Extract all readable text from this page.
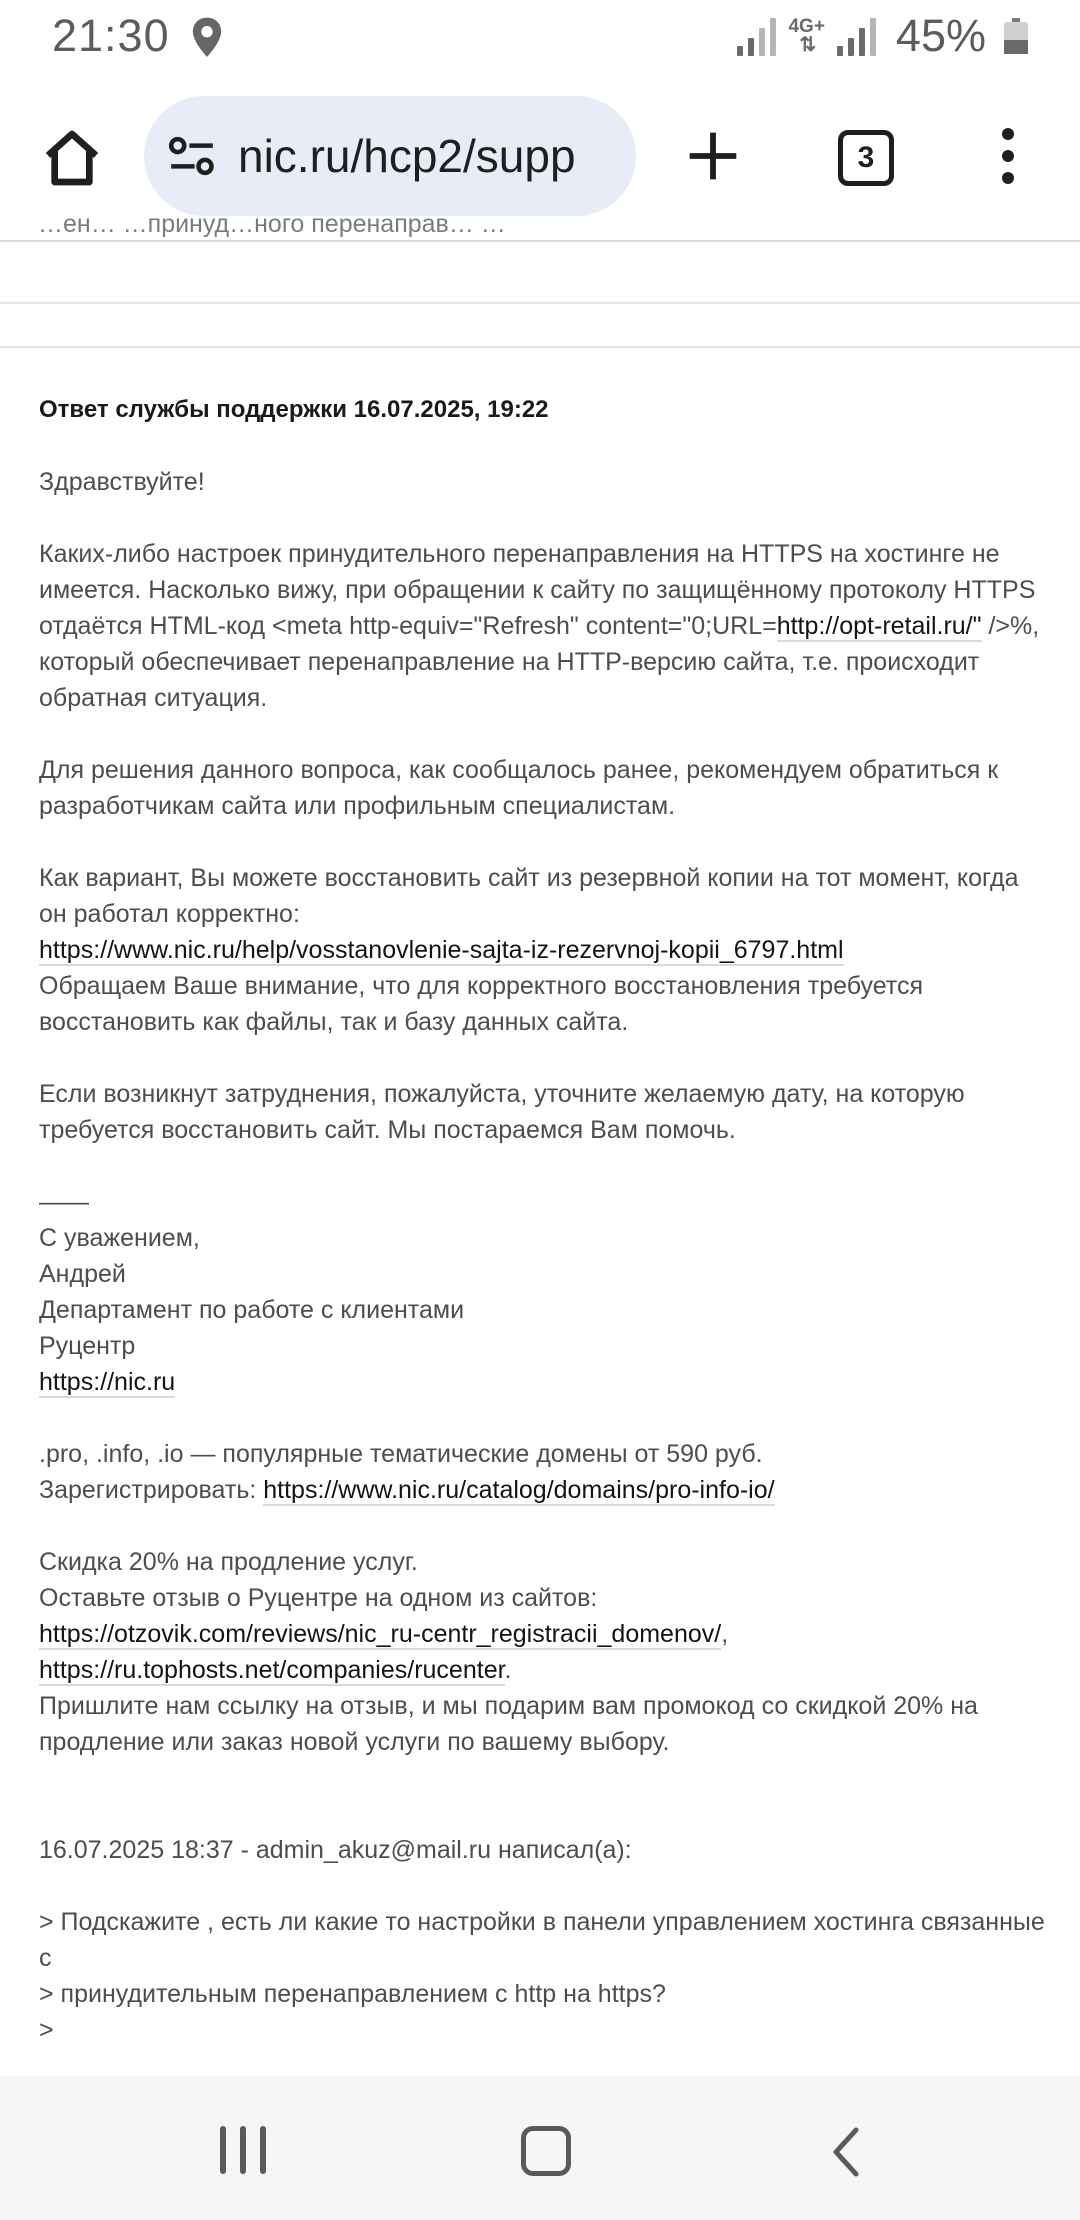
21:30	4G+
⇅ 45%
nic.ru/hcp2/supp	3
…ен… …принуд…ного перенаправ… …

Ответ службы поддержки 16.07.2025, 19:22

Здравствуйте!

Каких-либо настроек принудительного перенаправления на HTTPS на хостинге не имеется. Насколько вижу, при обращении к сайту по защищённому протоколу HTTPS отдаётся HTML-код <meta http-equiv="Refresh" content="0;URL=http://opt-retail.ru/" />%, который обеспечивает перенаправление на HTTP-версию сайта, т.е. происходит обратная ситуация.

Для решения данного вопроса, как сообщалось ранее, рекомендуем обратиться к разработчикам сайта или профильным специалистам.

Как вариант, Вы можете восстановить сайт из резервной копии на тот момент, когда он работал корректно:
https://www.nic.ru/help/vosstanovlenie-sajta-iz-rezervnoj-kopii_6797.html
Обращаем Ваше внимание, что для корректного восстановления требуется восстановить как файлы, так и базу данных сайта.

Если возникнут затруднения, пожалуйста, уточните желаемую дату, на которую требуется восстановить сайт. Мы постараемся Вам помочь.

——
С уважением,
Андрей
Департамент по работе с клиентами
Руцентр
https://nic.ru

.pro, .info, .io — популярные тематические домены от 590 руб.
Зарегистрировать: https://www.nic.ru/catalog/domains/pro-info-io/

Скидка 20% на продление услуг.
Оставьте отзыв о Руцентре на одном из сайтов:
https://otzovik.com/reviews/nic_ru-centr_registracii_domenov/,
https://ru.tophosts.net/companies/rucenter.
Пришлите нам ссылку на отзыв, и мы подарим вам промокод со скидкой 20% на продление или заказ новой услуги по вашему выбору.

16.07.2025 18:37 - admin_akuz@mail.ru написал(а):

> Подскажите , есть ли какие то настройки в панели управлением хостинга связанные с
> принудительным перенаправлением с http на https?
>
